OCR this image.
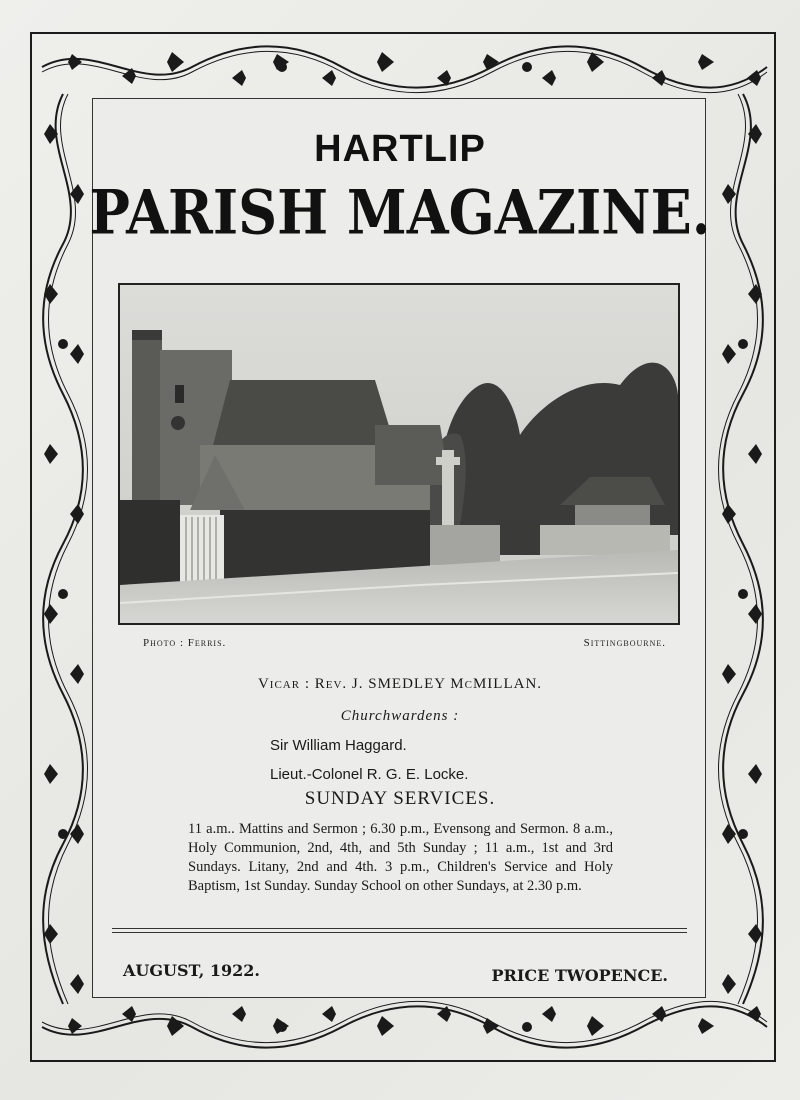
HARTLIP
PARISH MAGAZINE.
Photo : Ferris.	Sittingbourne.
Vicar : Rev. J. SMEDLEY McMILLAN.
Churchwardens :
Sir William Haggard.
Lieut.-Colonel R. G. E. Locke.
SUNDAY SERVICES.
11 a.m.. Mattins and Sermon ; 6.30 p.m., Evensong and Sermon. 8 a.m., Holy Communion, 2nd, 4th, and 5th Sunday ; 11 a.m., 1st and 3rd Sundays. Litany, 2nd and 4th. 3 p.m., Children's Service and Holy Baptism, 1st Sunday. Sunday School on other Sundays, at 2.30 p.m.
AUGUST, 1922.	PRICE TWOPENCE.
